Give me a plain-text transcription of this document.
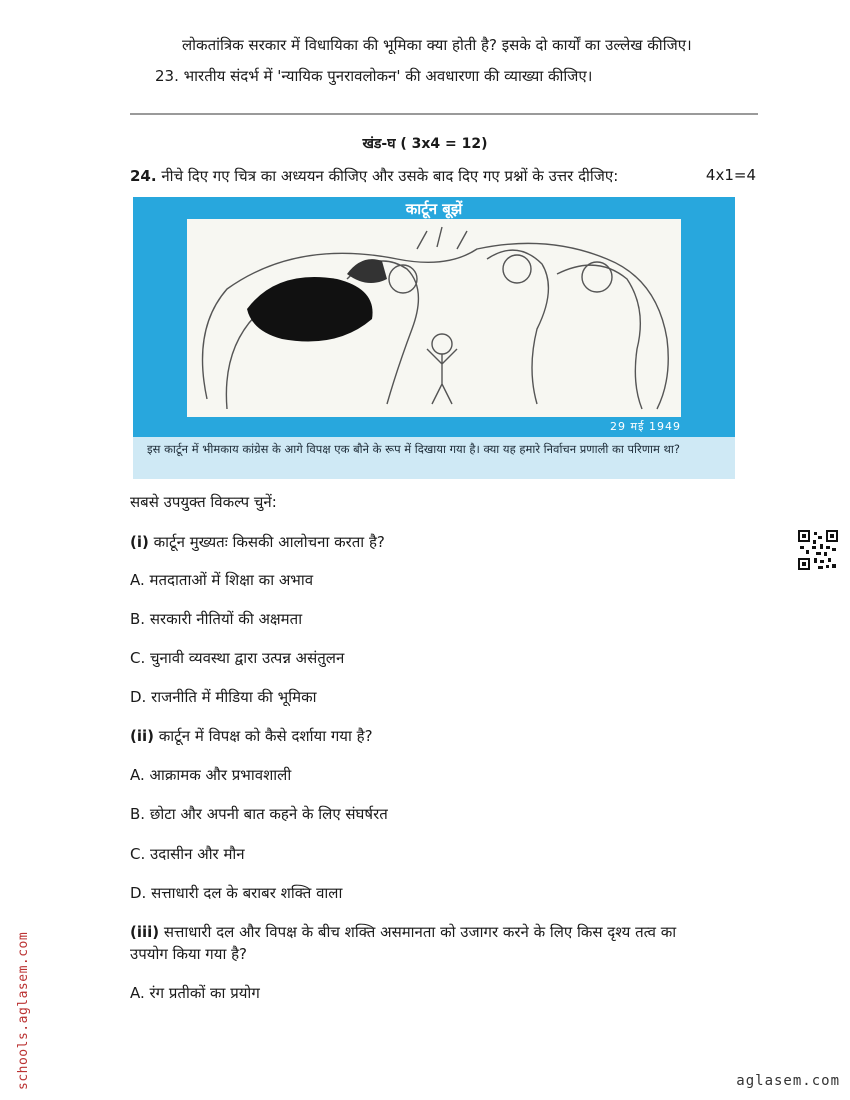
लोकतांत्रिक सरकार में विधायिका की भूमिका क्या होती है? इसके दो कार्यों का उल्लेख कीजिए।
23. भारतीय संदर्भ में 'न्यायिक पुनरावलोकन' की अवधारणा की व्याख्या कीजिए।
खंड-घ ( 3x4 = 12)
24. नीचे दिए गए चित्र का अध्ययन कीजिए और उसके बाद दिए गए प्रश्नों के उत्तर दीजिए:	4x1=4
कार्टून बूझें
29 मई 1949
इस कार्टून में भीमकाय कांग्रेस के आगे विपक्ष एक बौने के रूप में दिखाया गया है। क्या यह हमारे निर्वाचन प्रणाली का परिणाम था?
सबसे उपयुक्त विकल्प चुनें:
(i) कार्टून मुख्यतः किसकी आलोचना करता है?
A. मतदाताओं में शिक्षा का अभाव
B. सरकारी नीतियों की अक्षमता
C. चुनावी व्यवस्था द्वारा उत्पन्न असंतुलन
D. राजनीति में मीडिया की भूमिका
(ii) कार्टून में विपक्ष को कैसे दर्शाया गया है?
A. आक्रामक और प्रभावशाली
B. छोटा और अपनी बात कहने के लिए संघर्षरत
C. उदासीन और मौन
D. सत्ताधारी दल के बराबर शक्ति वाला
(iii) सत्ताधारी दल और विपक्ष के बीच शक्ति असमानता को उजागर करने के लिए किस दृश्य तत्व का
उपयोग किया गया है?
A. रंग प्रतीकों का प्रयोग
schools.aglasem.com	aglasem.com
